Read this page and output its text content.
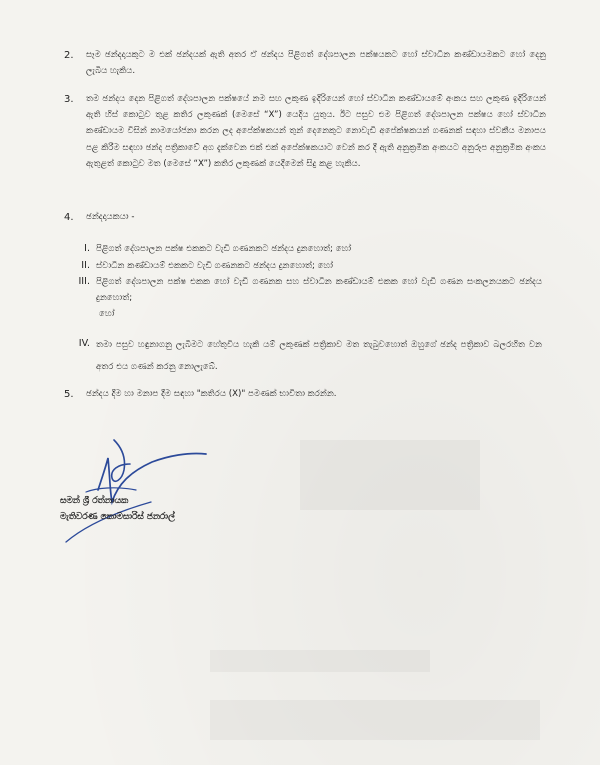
2. සෑම ඡන්දදායකුට ම එක් ඡන්දයක් ඇති අතර ඒ ඡන්දය පිළිගත් දේශපාලන පක්ෂයකට හෝ ස්වාධීන කණ්ඩායමකට හෝ දෙනු ලැබිය හැකිය.
3. තම ඡන්දය දෙන පිළිගත් දේශපාලන පක්ෂයේ නම සහ ලකුණ ඉදිරියෙන් හෝ ස්වාධීන කණ්ඩායමේ අංකය සහ ලකුණ ඉදිරියෙන් ඇති හිස් කොටුව තුළ කතිර ලකුණක් (මෙසේ “X”) යෙදිය යුතුය. ඊට පසුව එම පිළිගත් දේශපාලන පක්ෂය හෝ ස්වාධීන කණ්ඩායම විසින් නාමයෝජනා කරන ලද අපේක්ෂකයන් තුන් දෙනෙකුට නොවැඩි අපේක්ෂකයන් ගණනක් සඳහා ස්වකීය මනාපය පළ කිරීම සඳහා ඡන්ද පත්‍රිකාවේ අග දැක්වෙන එක් එක් අපේක්ෂකයාට වෙන් කර දී ඇති අනුක්‍රමික අංකයට අනුරූප අනුක්‍රමික අංකය ඇතුළත් කොටුව මත (මෙසේ “X”) කතිර ලකුණක් යෙදීමෙන් සිදු කළ හැකිය.
4. ඡන්දදායකයා -
I. පිළිගත් දේශපාලන පක්ෂ එකකට වැඩි ගණනකට ඡන්දය දුනහොත්; හෝ
II. ස්වාධීන කණ්ඩායම් එකකට වැඩි ගණනකට ඡන්දය දුනහොත්; හෝ
III. පිළිගත් දේශපාලන පක්ෂ එකක හෝ වැඩි ගණනක සහ ස්වාධීන කණ්ඩායම් එකක හෝ වැඩි ගණන සංකලනයකට ඡන්දය දුනහොත්;
හෝ
IV. තමා පසුව හඳුනාගනු ලැබීමට හේතුවිය හැකි යම් ලකුණක් පත්‍රිකාව මත තැබුවහොත් ඔහුගේ ඡන්ද පත්‍රිකාව බලරහිත වන අතර එය ගණන් කරනු නොලැබේ.
5. ඡන්දය දීම හා මනාප දීම සඳහා "කතිරය (X)" පමණක් භාවිතා කරන්න.
සමන් ශ්‍රී රත්නායක
මැතිවරණ කොමසාරිස් ජනරාල්
